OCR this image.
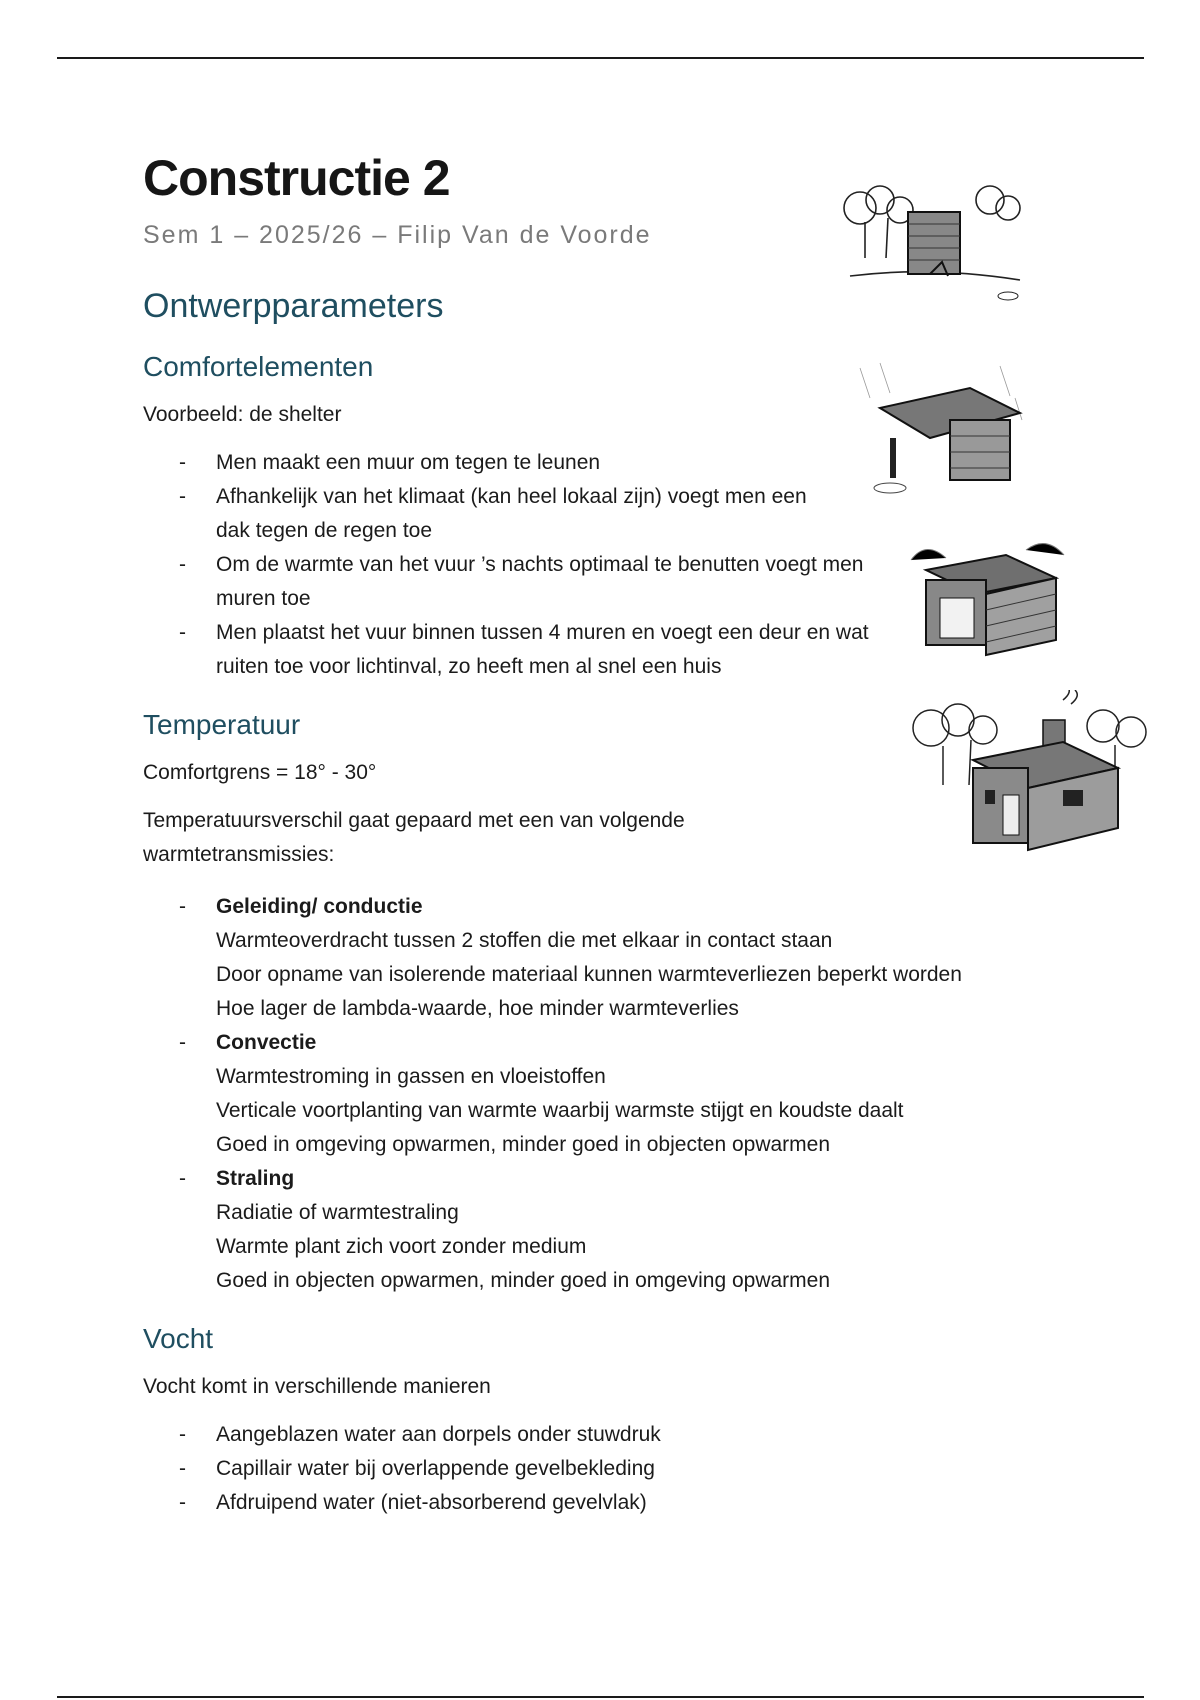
Constructie 2
Sem 1 – 2025/26 – Filip Van de Voorde
Ontwerpparameters
Comfortelementen

Voorbeeld: de shelter

- Men maakt een muur om tegen te leunen
- Afhankelijk van het klimaat (kan heel lokaal zijn) voegt men een dak tegen de regen toe
- Om de warmte van het vuur ’s nachts optimaal te benutten voegt men muren toe
- Men plaatst het vuur binnen tussen 4 muren en voegt een deur en wat ruiten toe voor lichtinval, zo heeft men al snel een huis
Temperatuur

Comfortgrens = 18° - 30°

Temperatuursverschil gaat gepaard met een van volgende warmtetransmissies:

- Geleiding/ conductie
Warmteoverdracht tussen 2 stoffen die met elkaar in contact staan
Door opname van isolerende materiaal kunnen warmteverliezen beperkt worden
Hoe lager de lambda-waarde, hoe minder warmteverlies
- Convectie
Warmtestroming in gassen en vloeistoffen
Verticale voortplanting van warmte waarbij warmste stijgt en koudste daalt
Goed in omgeving opwarmen, minder goed in objecten opwarmen
- Straling
Radiatie of warmtestraling
Warmte plant zich voort zonder medium
Goed in objecten opwarmen, minder goed in omgeving opwarmen
Vocht

Vocht komt in verschillende manieren

- Aangeblazen water aan dorpels onder stuwdruk
- Capillair water bij overlappende gevelbekleding
- Afdruipend water (niet-absorberend gevelvlak)
